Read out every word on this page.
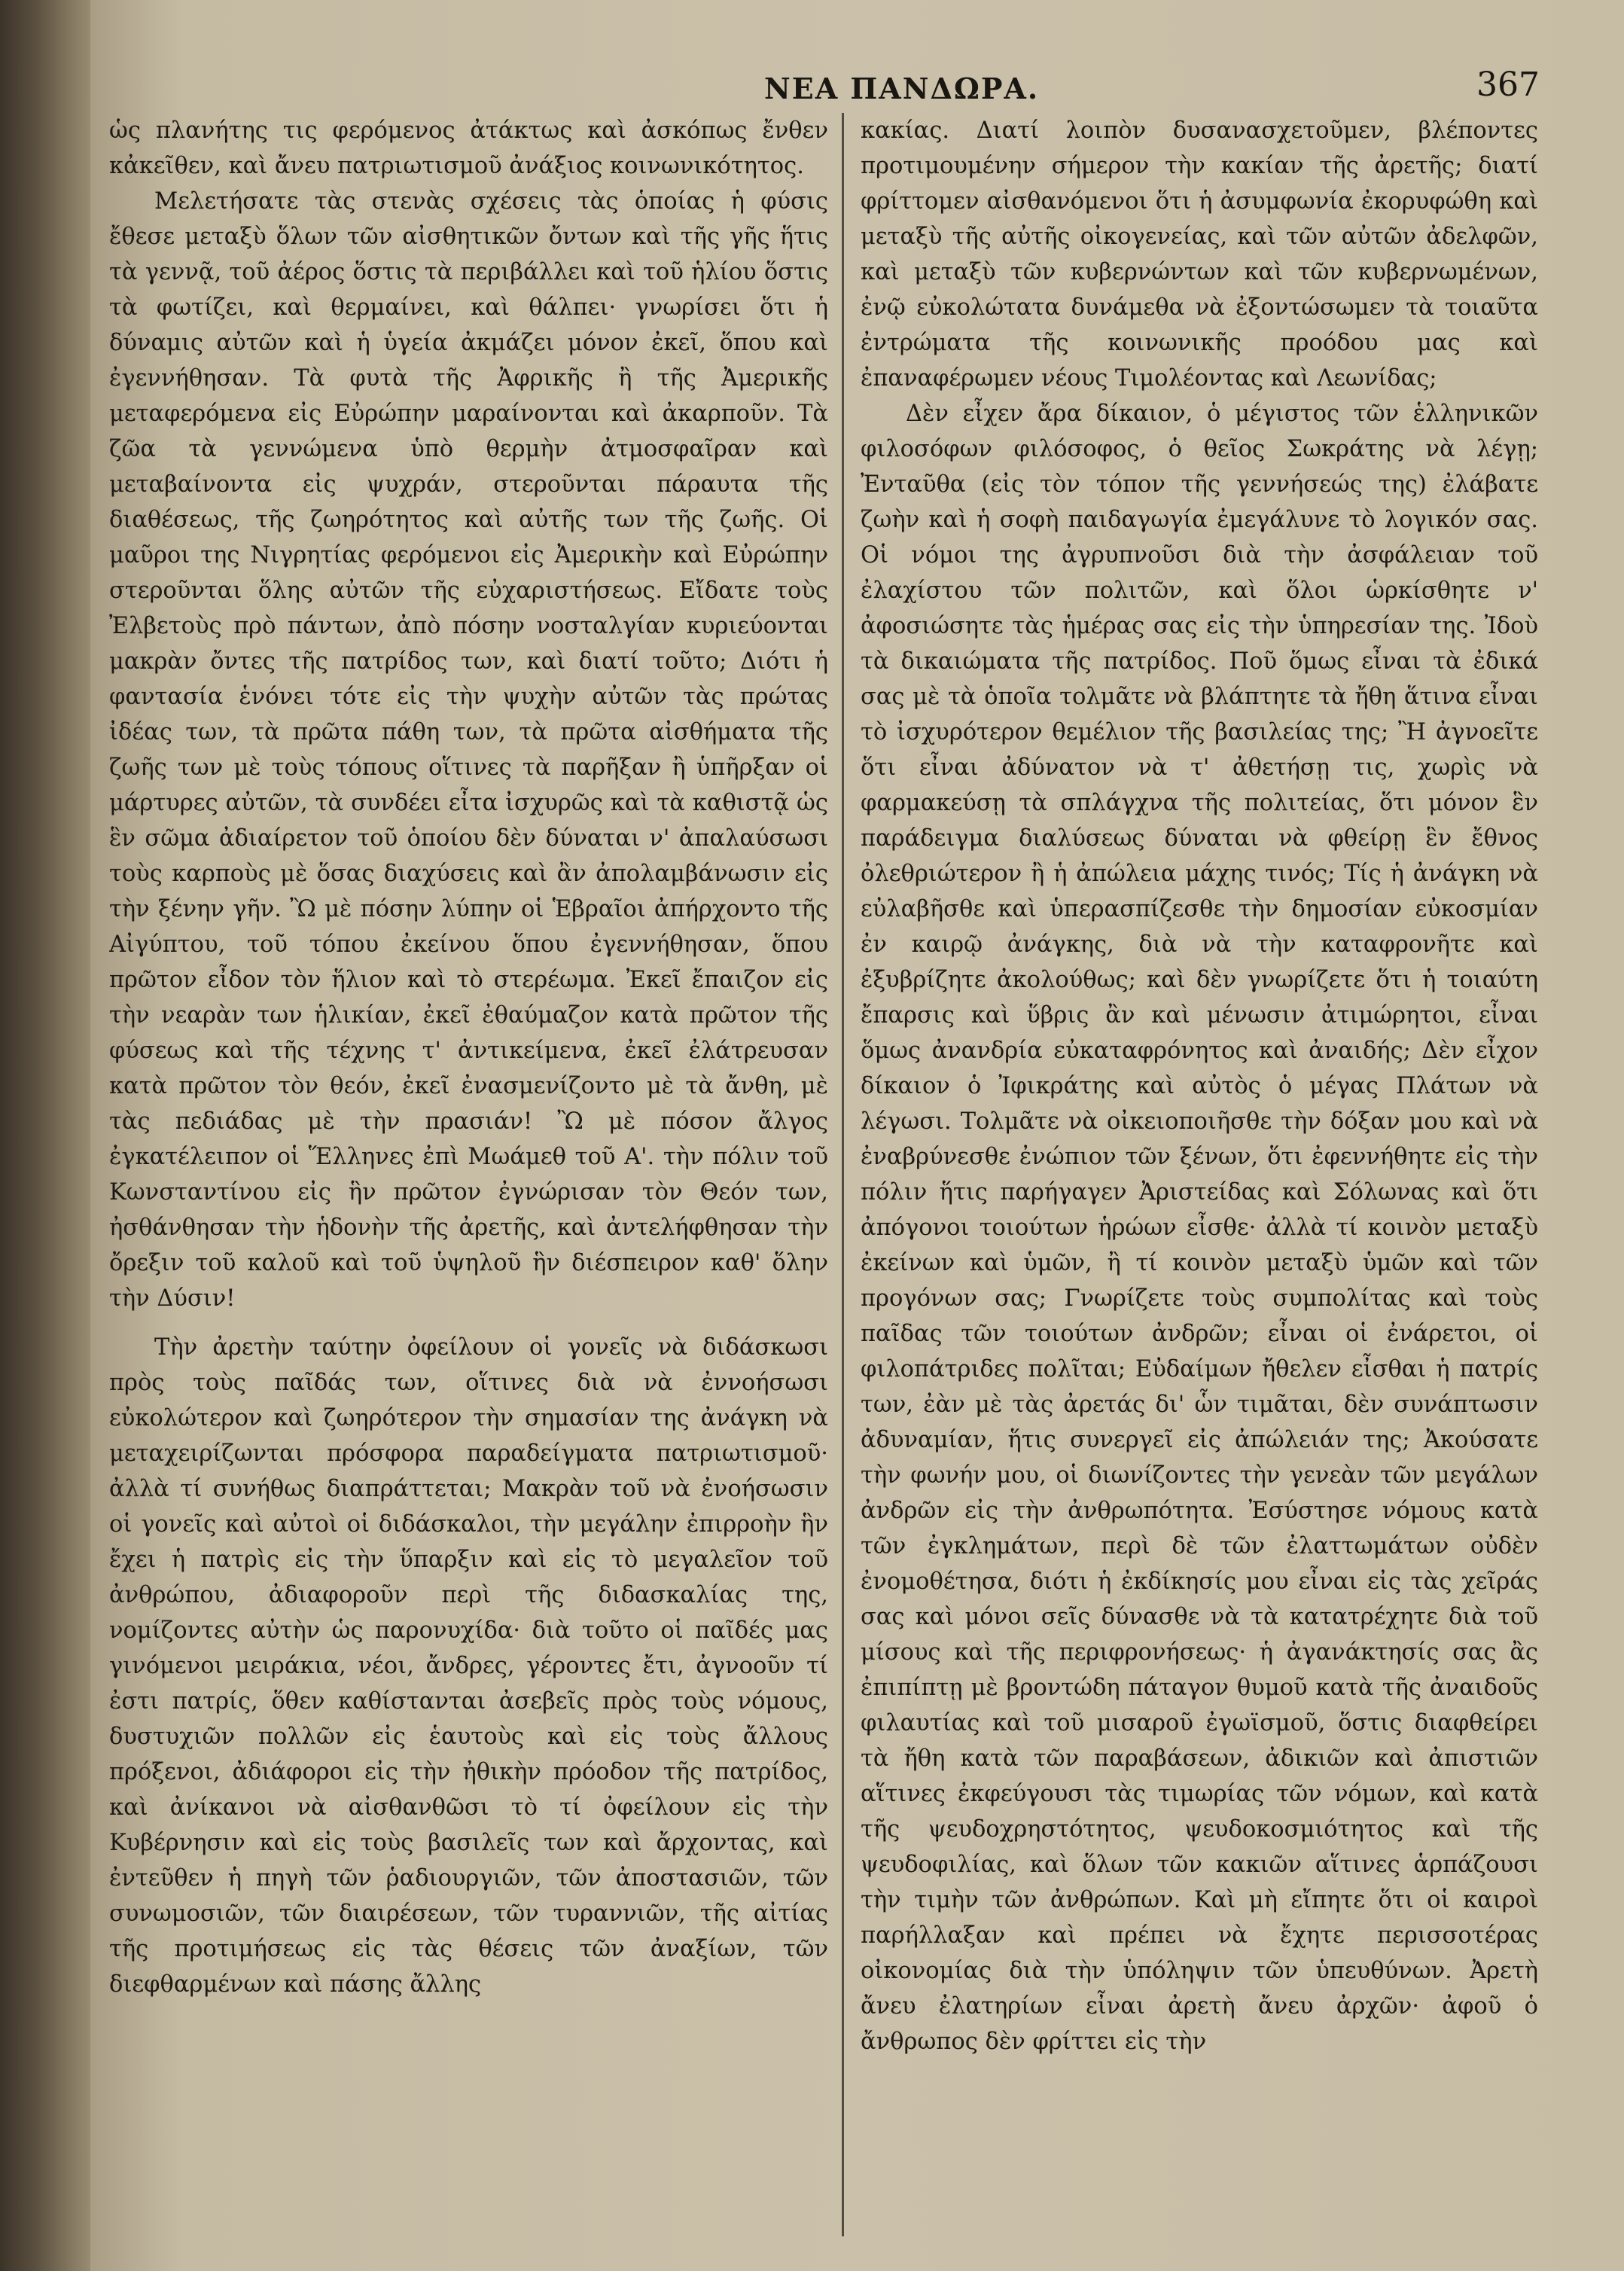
ΝΕΑ ΠΑΝΔΩΡΑ.	367

ὡς πλανήτης τις φερόμενος ἀτάκτως καὶ ἀσκόπως ἔνθεν κἀκεῖθεν, καὶ ἄνευ πατριωτισμοῦ ἀνάξιος κοινωνικότητος.

Μελετήσατε τὰς στενὰς σχέσεις τὰς ὁποίας ἡ φύσις ἔθεσε μεταξὺ ὅλων τῶν αἰσθητικῶν ὄντων καὶ τῆς γῆς ἥτις τὰ γεννᾷ, τοῦ ἀέρος ὅστις τὰ περιβάλλει καὶ τοῦ ἡλίου ὅστις τὰ φωτίζει, καὶ θερμαίνει, καὶ θάλπει· γνωρίσει ὅτι ἡ δύναμις αὐτῶν καὶ ἡ ὑγεία ἀκμάζει μόνον ἐκεῖ, ὅπου καὶ ἐγεννήθησαν. Τὰ φυτὰ τῆς Ἀφρικῆς ἢ τῆς Ἀμερικῆς μεταφερόμενα εἰς Εὐρώπην μαραίνονται καὶ ἀκαρποῦν. Τὰ ζῶα τὰ γεννώμενα ὑπὸ θερμὴν ἀτμοσφαῖραν καὶ μεταβαίνοντα εἰς ψυχράν, στεροῦνται πάραυτα τῆς διαθέσεως, τῆς ζωηρότητος καὶ αὐτῆς των τῆς ζωῆς. Οἱ μαῦροι της Νιγρητίας φερόμενοι εἰς Ἀμερικὴν καὶ Εὐρώπην στεροῦνται ὅλης αὐτῶν τῆς εὐχαριστήσεως. Εἴδατε τοὺς Ἐλβετοὺς πρὸ πάντων, ἀπὸ πόσην νοσταλγίαν κυριεύονται μακρὰν ὄντες τῆς πατρίδος των, καὶ διατί τοῦτο; Διότι ἡ φαντασία ἑνόνει τότε εἰς τὴν ψυχὴν αὐτῶν τὰς πρώτας ἰδέας των, τὰ πρῶτα πάθη των, τὰ πρῶτα αἰσθήματα τῆς ζωῆς των μὲ τοὺς τόπους οἵτινες τὰ παρῆξαν ἢ ὑπῆρξαν οἱ μάρτυρες αὐτῶν, τὰ συνδέει εἶτα ἰσχυρῶς καὶ τὰ καθιστᾷ ὡς ἓν σῶμα ἀδιαίρετον τοῦ ὁποίου δὲν δύναται ν' ἀπαλαύσωσι τοὺς καρποὺς μὲ ὅσας διαχύσεις καὶ ἂν ἀπολαμβάνωσιν εἰς τὴν ξένην γῆν. Ὢ μὲ πόσην λύπην οἱ Ἑβραῖοι ἀπήρχοντο τῆς Αἰγύπτου, τοῦ τόπου ἐκείνου ὅπου ἐγεννήθησαν, ὅπου πρῶτον εἶδον τὸν ἥλιον καὶ τὸ στερέωμα. Ἐκεῖ ἔπαιζον εἰς τὴν νεαρὰν των ἡλικίαν, ἐκεῖ ἐθαύμαζον κατὰ πρῶτον τῆς φύσεως καὶ τῆς τέχνης τ' ἀντικείμενα, ἐκεῖ ἐλάτρευσαν κατὰ πρῶτον τὸν θεόν, ἐκεῖ ἐνασμενίζοντο μὲ τὰ ἄνθη, μὲ τὰς πεδιάδας μὲ τὴν πρασιάν! Ὢ μὲ πόσον ἄλγος ἐγκατέλειπον οἱ Ἕλληνες ἐπὶ Μωάμεθ τοῦ Α'. τὴν πόλιν τοῦ Κωνσταντίνου εἰς ἣν πρῶτον ἐγνώρισαν τὸν Θεόν των, ἠσθάνθησαν τὴν ἡδονὴν τῆς ἀρετῆς, καὶ ἀντελήφθησαν τὴν ὄρεξιν τοῦ καλοῦ καὶ τοῦ ὑψηλοῦ ἣν διέσπειρον καθ' ὅλην τὴν Δύσιν!

Τὴν ἀρετὴν ταύτην ὀφείλουν οἱ γονεῖς νὰ διδάσκωσι πρὸς τοὺς παῖδάς των, οἵτινες διὰ νὰ ἐννοήσωσι εὐκολώτερον καὶ ζωηρότερον τὴν σημασίαν της ἀνάγκη νὰ μεταχειρίζωνται πρόσφορα παραδείγματα πατριωτισμοῦ· ἀλλὰ τί συνήθως διαπράττεται; Μακρὰν τοῦ νὰ ἐνοήσωσιν οἱ γονεῖς καὶ αὐτοὶ οἱ διδάσκαλοι, τὴν μεγάλην ἐπιρροὴν ἣν ἔχει ἡ πατρὶς εἰς τὴν ὕπαρξιν καὶ εἰς τὸ μεγαλεῖον τοῦ ἀνθρώπου, ἀδιαφοροῦν περὶ τῆς διδασκαλίας της, νομίζοντες αὐτὴν ὡς παρονυχίδα· διὰ τοῦτο οἱ παῖδές μας γινόμενοι μειράκια, νέοι, ἄνδρες, γέροντες ἔτι, ἀγνοοῦν τί ἐστι πατρίς, ὅθεν καθίστανται ἀσεβεῖς πρὸς τοὺς νόμους, δυστυχιῶν πολλῶν εἰς ἑαυτοὺς καὶ εἰς τοὺς ἄλλους πρόξενοι, ἀδιάφοροι εἰς τὴν ἠθικὴν πρόοδον τῆς πατρίδος, καὶ ἀνίκανοι νὰ αἰσθανθῶσι τὸ τί ὀφείλουν εἰς τὴν Κυβέρνησιν καὶ εἰς τοὺς βασιλεῖς των καὶ ἄρχοντας, καὶ ἐντεῦθεν ἡ πηγὴ τῶν ῥαδιουργιῶν, τῶν ἀποστασιῶν, τῶν συνωμοσιῶν, τῶν διαιρέσεων, τῶν τυραννιῶν, τῆς αἰτίας τῆς προτιμήσεως εἰς τὰς θέσεις τῶν ἀναξίων, τῶν διεφθαρμένων καὶ πάσης ἄλλης

κακίας. Διατί λοιπὸν δυσανασχετοῦμεν, βλέποντες προτιμουμένην σήμερον τὴν κακίαν τῆς ἀρετῆς; διατί φρίττομεν αἰσθανόμενοι ὅτι ἡ ἀσυμφωνία ἐκορυφώθη καὶ μεταξὺ τῆς αὐτῆς οἰκογενείας, καὶ τῶν αὐτῶν ἀδελφῶν, καὶ μεταξὺ τῶν κυβερνώντων καὶ τῶν κυβερνωμένων, ἐνῷ εὐκολώτατα δυνάμεθα νὰ ἐξοντώσωμεν τὰ τοιαῦτα ἐντρώματα τῆς κοινωνικῆς προόδου μας καὶ ἐπαναφέρωμεν νέους Τιμολέοντας καὶ Λεωνίδας;

Δὲν εἶχεν ἄρα δίκαιον, ὁ μέγιστος τῶν ἑλληνικῶν φιλοσόφων φιλόσοφος, ὁ θεῖος Σωκράτης νὰ λέγῃ; Ἐνταῦθα (εἰς τὸν τόπον τῆς γεννήσεώς της) ἐλάβατε ζωὴν καὶ ἡ σοφὴ παιδαγωγία ἐμεγάλυνε τὸ λογικόν σας. Οἱ νόμοι της ἀγρυπνοῦσι διὰ τὴν ἀσφάλειαν τοῦ ἐλαχίστου τῶν πολιτῶν, καὶ ὅλοι ὡρκίσθητε ν' ἀφοσιώσητε τὰς ἡμέρας σας εἰς τὴν ὑπηρεσίαν της. Ἰδοὺ τὰ δικαιώματα τῆς πατρίδος. Ποῦ ὅμως εἶναι τὰ ἐδικά σας μὲ τὰ ὁποῖα τολμᾶτε νὰ βλάπτητε τὰ ἤθη ἅτινα εἶναι τὸ ἰσχυρότερον θεμέλιον τῆς βασιλείας της; Ἢ ἀγνοεῖτε ὅτι εἶναι ἀδύνατον νὰ τ' ἀθετήσῃ τις, χωρὶς νὰ φαρμακεύσῃ τὰ σπλάγχνα τῆς πολιτείας, ὅτι μόνον ἓν παράδειγμα διαλύσεως δύναται νὰ φθείρῃ ἓν ἔθνος ὀλεθριώτερον ἢ ἡ ἀπώλεια μάχης τινός; Τίς ἡ ἀνάγκη νὰ εὐλαβῆσθε καὶ ὑπερασπίζεσθε τὴν δημοσίαν εὐκοσμίαν ἐν καιρῷ ἀνάγκης, διὰ νὰ τὴν καταφρονῆτε καὶ ἐξυβρίζητε ἀκολούθως; καὶ δὲν γνωρίζετε ὅτι ἡ τοιαύτη ἔπαρσις καὶ ὕβρις ἂν καὶ μένωσιν ἀτιμώρητοι, εἶναι ὅμως ἀνανδρία εὐκαταφρόνητος καὶ ἀναιδής; Δὲν εἶχον δίκαιον ὁ Ἰφικράτης καὶ αὐτὸς ὁ μέγας Πλάτων νὰ λέγωσι. Τολμᾶτε νὰ οἰκειοποιῆσθε τὴν δόξαν μου καὶ νὰ ἐναβρύνεσθε ἐνώπιον τῶν ξένων, ὅτι ἐφεννήθητε εἰς τὴν πόλιν ἥτις παρήγαγεν Ἀριστείδας καὶ Σόλωνας καὶ ὅτι ἀπόγονοι τοιούτων ἡρώων εἶσθε· ἀλλὰ τί κοινὸν μεταξὺ ἐκείνων καὶ ὑμῶν, ἢ τί κοινὸν μεταξὺ ὑμῶν καὶ τῶν προγόνων σας; Γνωρίζετε τοὺς συμπολίτας καὶ τοὺς παῖδας τῶν τοιούτων ἀνδρῶν; εἶναι οἱ ἐνάρετοι, οἱ φιλοπάτριδες πολῖται; Εὐδαίμων ἤθελεν εἶσθαι ἡ πατρίς των, ἐὰν μὲ τὰς ἀρετάς δι' ὧν τιμᾶται, δὲν συνάπτωσιν ἀδυναμίαν, ἥτις συνεργεῖ εἰς ἀπώλειάν της; Ἀκούσατε τὴν φωνήν μου, οἱ διωνίζοντες τὴν γενεὰν τῶν μεγάλων ἀνδρῶν εἰς τὴν ἀνθρωπότητα. Ἐσύστησε νόμους κατὰ τῶν ἐγκλημάτων, περὶ δὲ τῶν ἐλαττωμάτων οὐδὲν ἐνομοθέτησα, διότι ἡ ἐκδίκησίς μου εἶναι εἰς τὰς χεῖράς σας καὶ μόνοι σεῖς δύνασθε νὰ τὰ κατατρέχητε διὰ τοῦ μίσους καὶ τῆς περιφρονήσεως· ἡ ἀγανάκτησίς σας ἂς ἐπιπίπτῃ μὲ βροντώδη πάταγον θυμοῦ κατὰ τῆς ἀναιδοῦς φιλαυτίας καὶ τοῦ μισαροῦ ἐγωϊσμοῦ, ὅστις διαφθείρει τὰ ἤθη κατὰ τῶν παραβάσεων, ἀδικιῶν καὶ ἀπιστιῶν αἵτινες ἐκφεύγουσι τὰς τιμωρίας τῶν νόμων, καὶ κατὰ τῆς ψευδοχρηστότητος, ψευδοκοσμιότητος καὶ τῆς ψευδοφιλίας, καὶ ὅλων τῶν κακιῶν αἵτινες ἁρπάζουσι τὴν τιμὴν τῶν ἀνθρώπων. Καὶ μὴ εἴπητε ὅτι οἱ καιροὶ παρήλλαξαν καὶ πρέπει νὰ ἔχητε περισσοτέρας οἰκονομίας διὰ τὴν ὑπόληψιν τῶν ὑπευθύνων. Ἀρετὴ ἄνευ ἐλατηρίων εἶναι ἀρετὴ ἄνευ ἀρχῶν· ἀφοῦ ὁ ἄνθρωπος δὲν φρίττει εἰς τὴν
